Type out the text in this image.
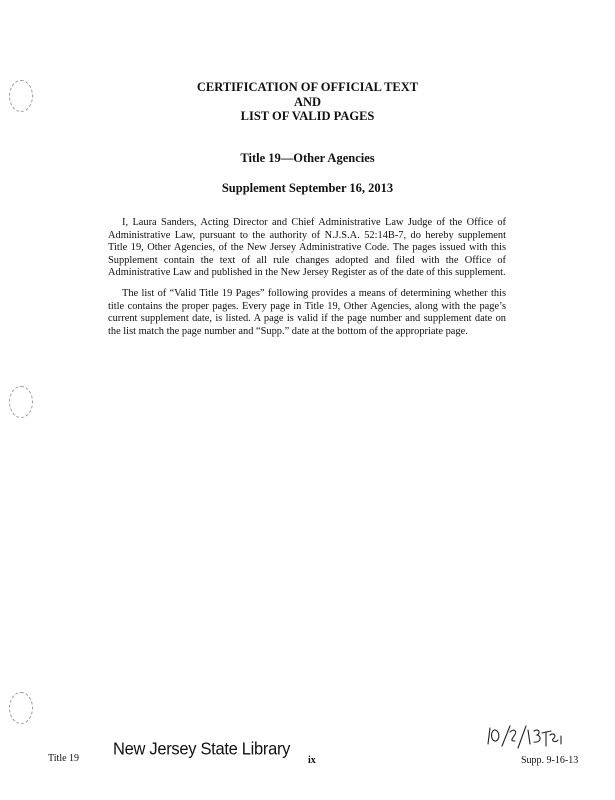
CERTIFICATION OF OFFICIAL TEXT
AND
LIST OF VALID PAGES
Title 19—Other Agencies
Supplement September 16, 2013

I, Laura Sanders, Acting Director and Chief Administrative Law Judge of the Office of Administrative Law, pursuant to the authority of N.J.S.A. 52:14B-7, do hereby supplement Title 19, Other Agencies, of the New Jersey Administrative Code. The pages issued with this Supplement contain the text of all rule changes adopted and filed with the Office of Administrative Law and published in the New Jersey Register as of the date of this supplement.

The list of “Valid Title 19 Pages” following provides a means of determining whether this title contains the proper pages. Every page in Title 19, Other Agencies, along with the page’s current supplement date, is listed. A page is valid if the page number and supplement date on the list match the page number and “Supp.” date at the bottom of the appropriate page.

Title 19 New Jersey State Library
ix	Supp. 9-16-13
